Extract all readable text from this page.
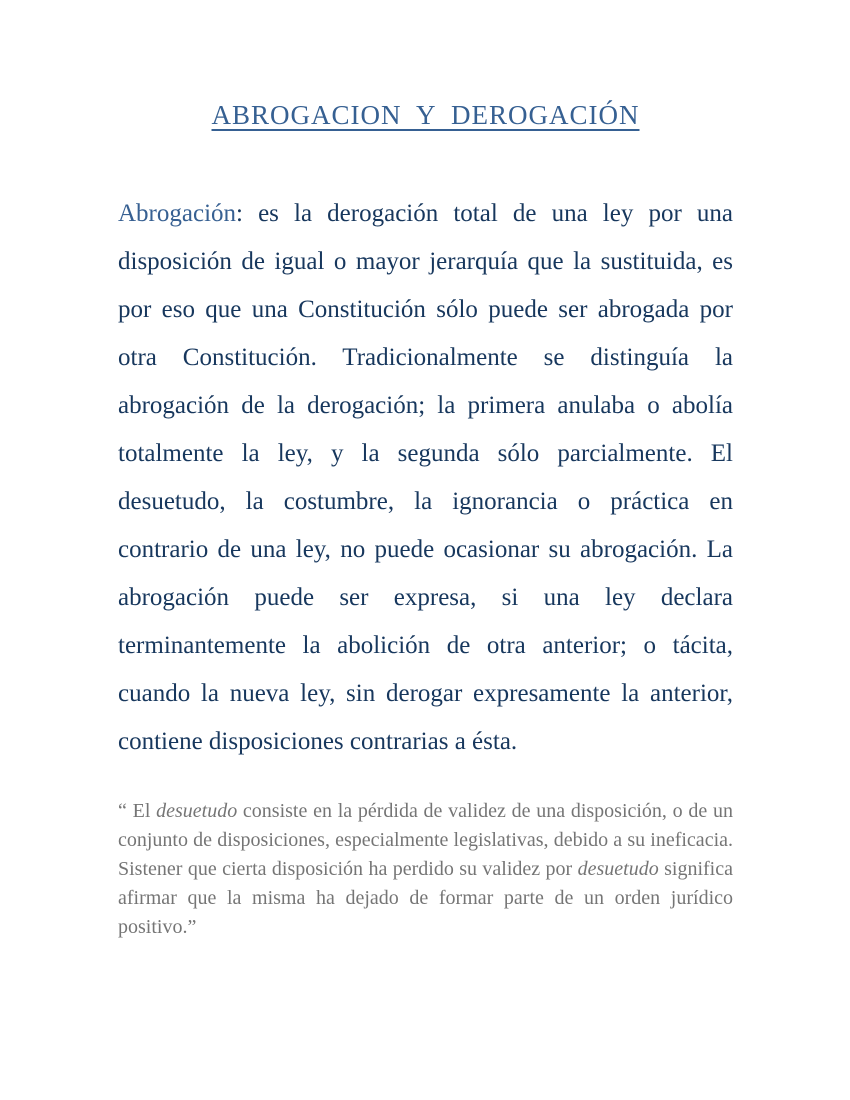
ABROGACION  Y  DEROGACIÓN

Abrogación: es la derogación total de una ley por una disposición de igual o mayor jerarquía que la sustituida, es por eso que una Constitución sólo puede ser abrogada por otra Constitución. Tradicionalmente se distinguía la abrogación de la derogación; la primera anulaba o abolía totalmente la ley, y la segunda sólo parcialmente. El desuetudo, la costumbre, la ignorancia o práctica en contrario de una ley, no puede ocasionar su abrogación. La abrogación puede ser expresa, si una ley declara terminantemente la abolición de otra anterior; o tácita, cuando la nueva ley, sin derogar expresamente la anterior, contiene disposiciones contrarias a ésta.

“ El desuetudo consiste en la pérdida de validez de una disposición, o de un conjunto de disposiciones, especialmente legislativas, debido a su ineficacia. Sistener que cierta disposición ha perdido su validez por desuetudo significa afirmar que la misma ha dejado de formar parte de un orden jurídico positivo.”
